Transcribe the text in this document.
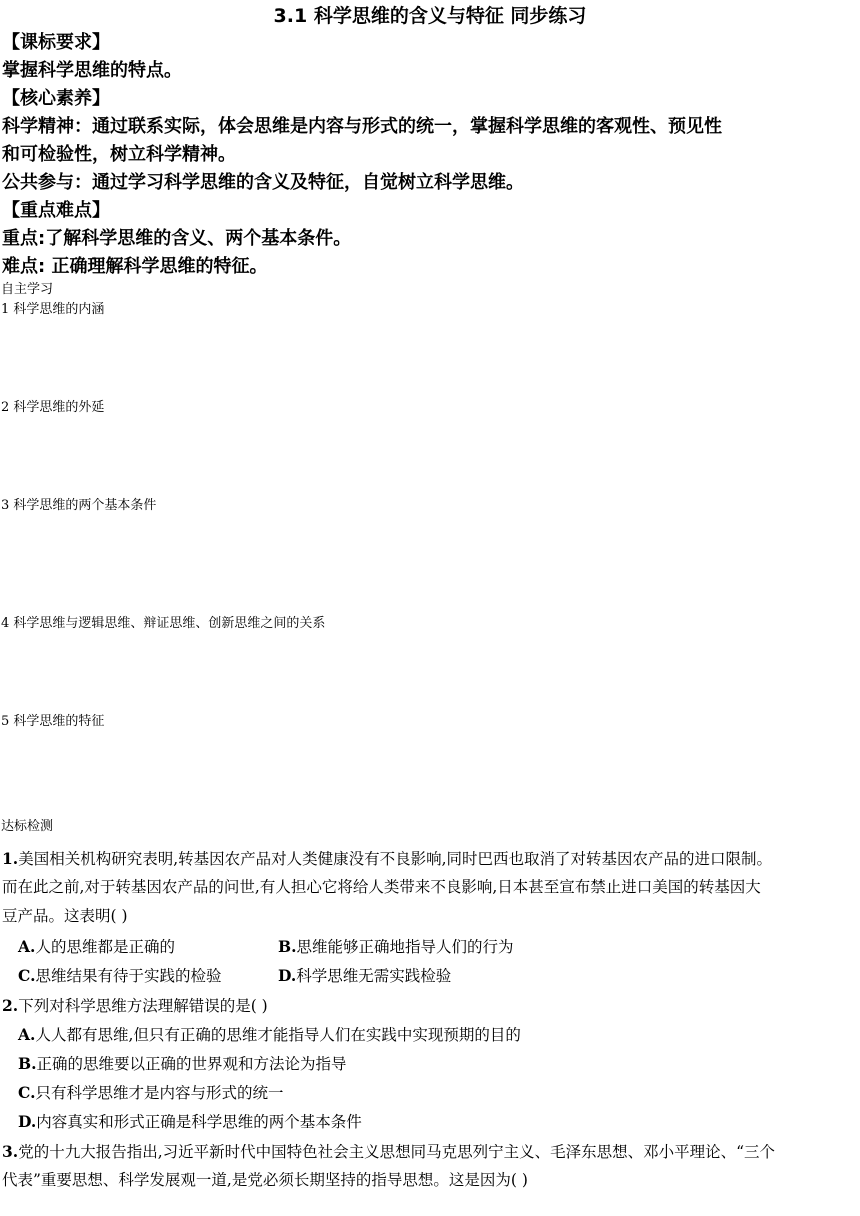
3.1 科学思维的含义与特征 同步练习
【课标要求】
掌握科学思维的特点。
【核心素养】
科学精神：通过联系实际，体会思维是内容与形式的统一，掌握科学思维的客观性、预见性
和可检验性，树立科学精神。
公共参与：通过学习科学思维的含义及特征，自觉树立科学思维。
【重点难点】
重点:了解科学思维的含义、两个基本条件。
难点: 正确理解科学思维的特征。
自主学习
1 科学思维的内涵
2 科学思维的外延
3 科学思维的两个基本条件
4 科学思维与逻辑思维、辩证思维、创新思维之间的关系
5 科学思维的特征
达标检测
1.美国相关机构研究表明,转基因农产品对人类健康没有不良影响,同时巴西也取消了对转基因农产品的进口限制。
而在此之前,对于转基因农产品的问世,有人担心它将给人类带来不良影响,日本甚至宣布禁止进口美国的转基因大
豆产品。这表明( )
A.人的思维都是正确的	B.思维能够正确地指导人们的行为
C.思维结果有待于实践的检验	D.科学思维无需实践检验
2.下列对科学思维方法理解错误的是( )
A.人人都有思维,但只有正确的思维才能指导人们在实践中实现预期的目的
B.正确的思维要以正确的世界观和方法论为指导
C.只有科学思维才是内容与形式的统一
D.内容真实和形式正确是科学思维的两个基本条件
3.党的十九大报告指出,习近平新时代中国特色社会主义思想同马克思列宁主义、毛泽东思想、邓小平理论、“三个
代表”重要思想、科学发展观一道,是党必须长期坚持的指导思想。这是因为( )
